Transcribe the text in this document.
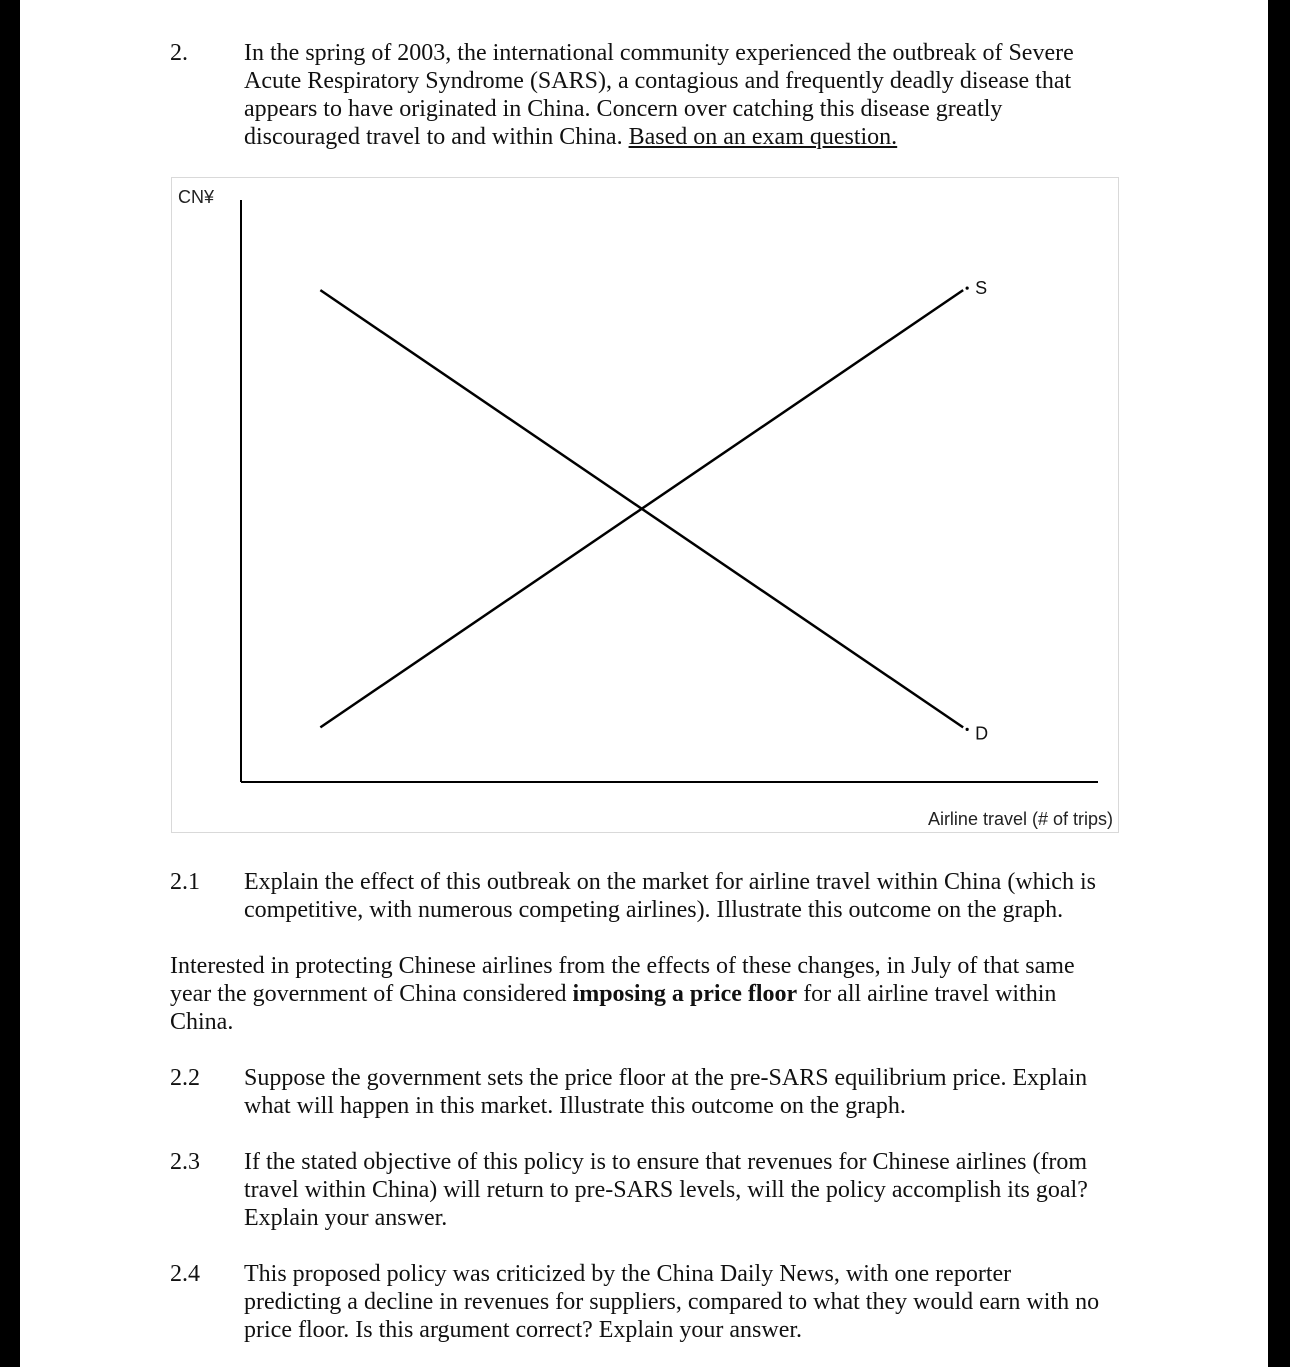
2. In the spring of 2003, the international community experienced the outbreak of Severe
Acute Respiratory Syndrome (SARS), a contagious and frequently deadly disease that
appears to have originated in China. Concern over catching this disease greatly
discouraged travel to and within China. Based on an exam question.
S
D
CN¥
Airline travel (# of trips)
2.1 Explain the effect of this outbreak on the market for airline travel within China (which is
competitive, with numerous competing airlines). Illustrate this outcome on the graph.
Interested in protecting Chinese airlines from the effects of these changes, in July of that same
year the government of China considered imposing a price floor for all airline travel within
China.
2.2 Suppose the government sets the price floor at the pre-SARS equilibrium price. Explain
what will happen in this market. Illustrate this outcome on the graph.
2.3 If the stated objective of this policy is to ensure that revenues for Chinese airlines (from
travel within China) will return to pre-SARS levels, will the policy accomplish its goal?
Explain your answer.
2.4 This proposed policy was criticized by the China Daily News, with one reporter
predicting a decline in revenues for suppliers, compared to what they would earn with no
price floor. Is this argument correct? Explain your answer.
